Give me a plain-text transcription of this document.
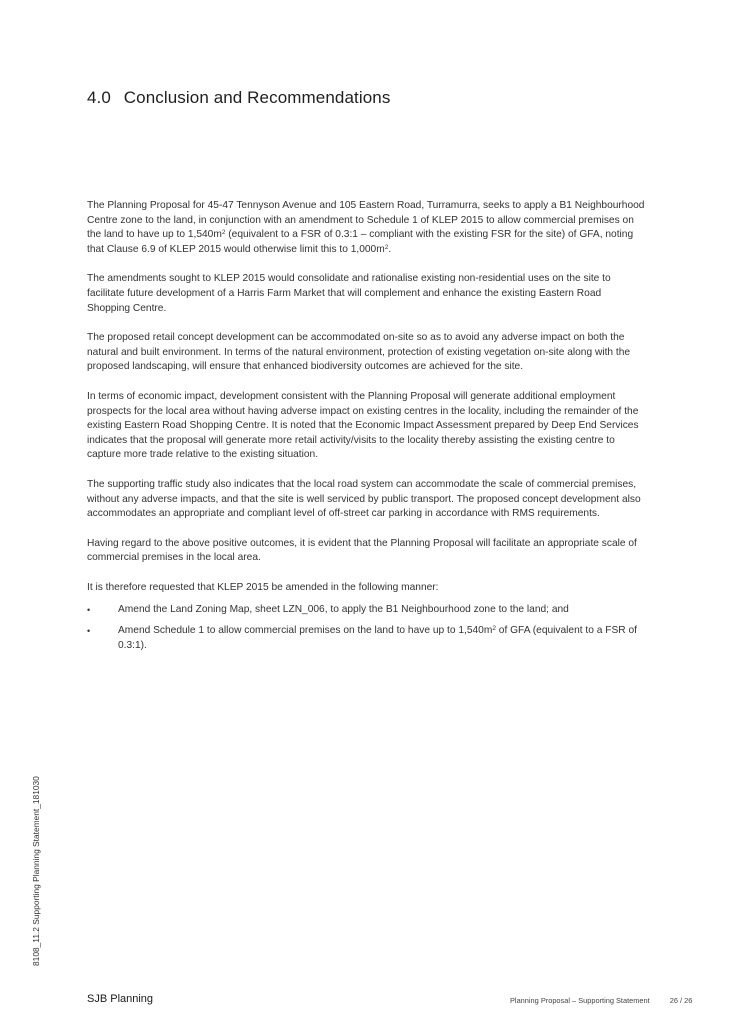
4.0 Conclusion and Recommendations

The Planning Proposal for 45-47 Tennyson Avenue and 105 Eastern Road, Turramurra, seeks to apply a B1 Neighbourhood Centre zone to the land, in conjunction with an amendment to Schedule 1 of KLEP 2015 to allow commercial premises on the land to have up to $1,540m^2$ (equivalent to a FSR of 0.3:1 – compliant with the existing FSR for the site) of GFA, noting that Clause 6.9 of KLEP 2015 would otherwise limit this to $1,000m^2$.

The amendments sought to KLEP 2015 would consolidate and rationalise existing non-residential uses on the site to facilitate future development of a Harris Farm Market that will complement and enhance the existing Eastern Road Shopping Centre.

The proposed retail concept development can be accommodated on-site so as to avoid any adverse impact on both the natural and built environment. In terms of the natural environment, protection of existing vegetation on-site along with the proposed landscaping, will ensure that enhanced biodiversity outcomes are achieved for the site.

In terms of economic impact, development consistent with the Planning Proposal will generate additional employment prospects for the local area without having adverse impact on existing centres in the locality, including the remainder of the existing Eastern Road Shopping Centre. It is noted that the Economic Impact Assessment prepared by Deep End Services indicates that the proposal will generate more retail activity/visits to the locality thereby assisting the existing centre to capture more trade relative to the existing situation.

The supporting traffic study also indicates that the local road system can accommodate the scale of commercial premises, without any adverse impacts, and that the site is well serviced by public transport. The proposed concept development also accommodates an appropriate and compliant level of off-street car parking in accordance with RMS requirements.

Having regard to the above positive outcomes, it is evident that the Planning Proposal will facilitate an appropriate scale of commercial premises in the local area.

It is therefore requested that KLEP 2015 be amended in the following manner:

•	Amend the Land Zoning Map, sheet LZN_006, to apply the B1 Neighbourhood zone to the land; and
•	Amend Schedule 1 to allow commercial premises on the land to have up to $1,540m^2$ of GFA (equivalent to a FSR of 0.3:1).
8108_11.2 Supporting Planning Statement_181030
SJB Planning	Planning Proposal – Supporting Statement	26 / 26
